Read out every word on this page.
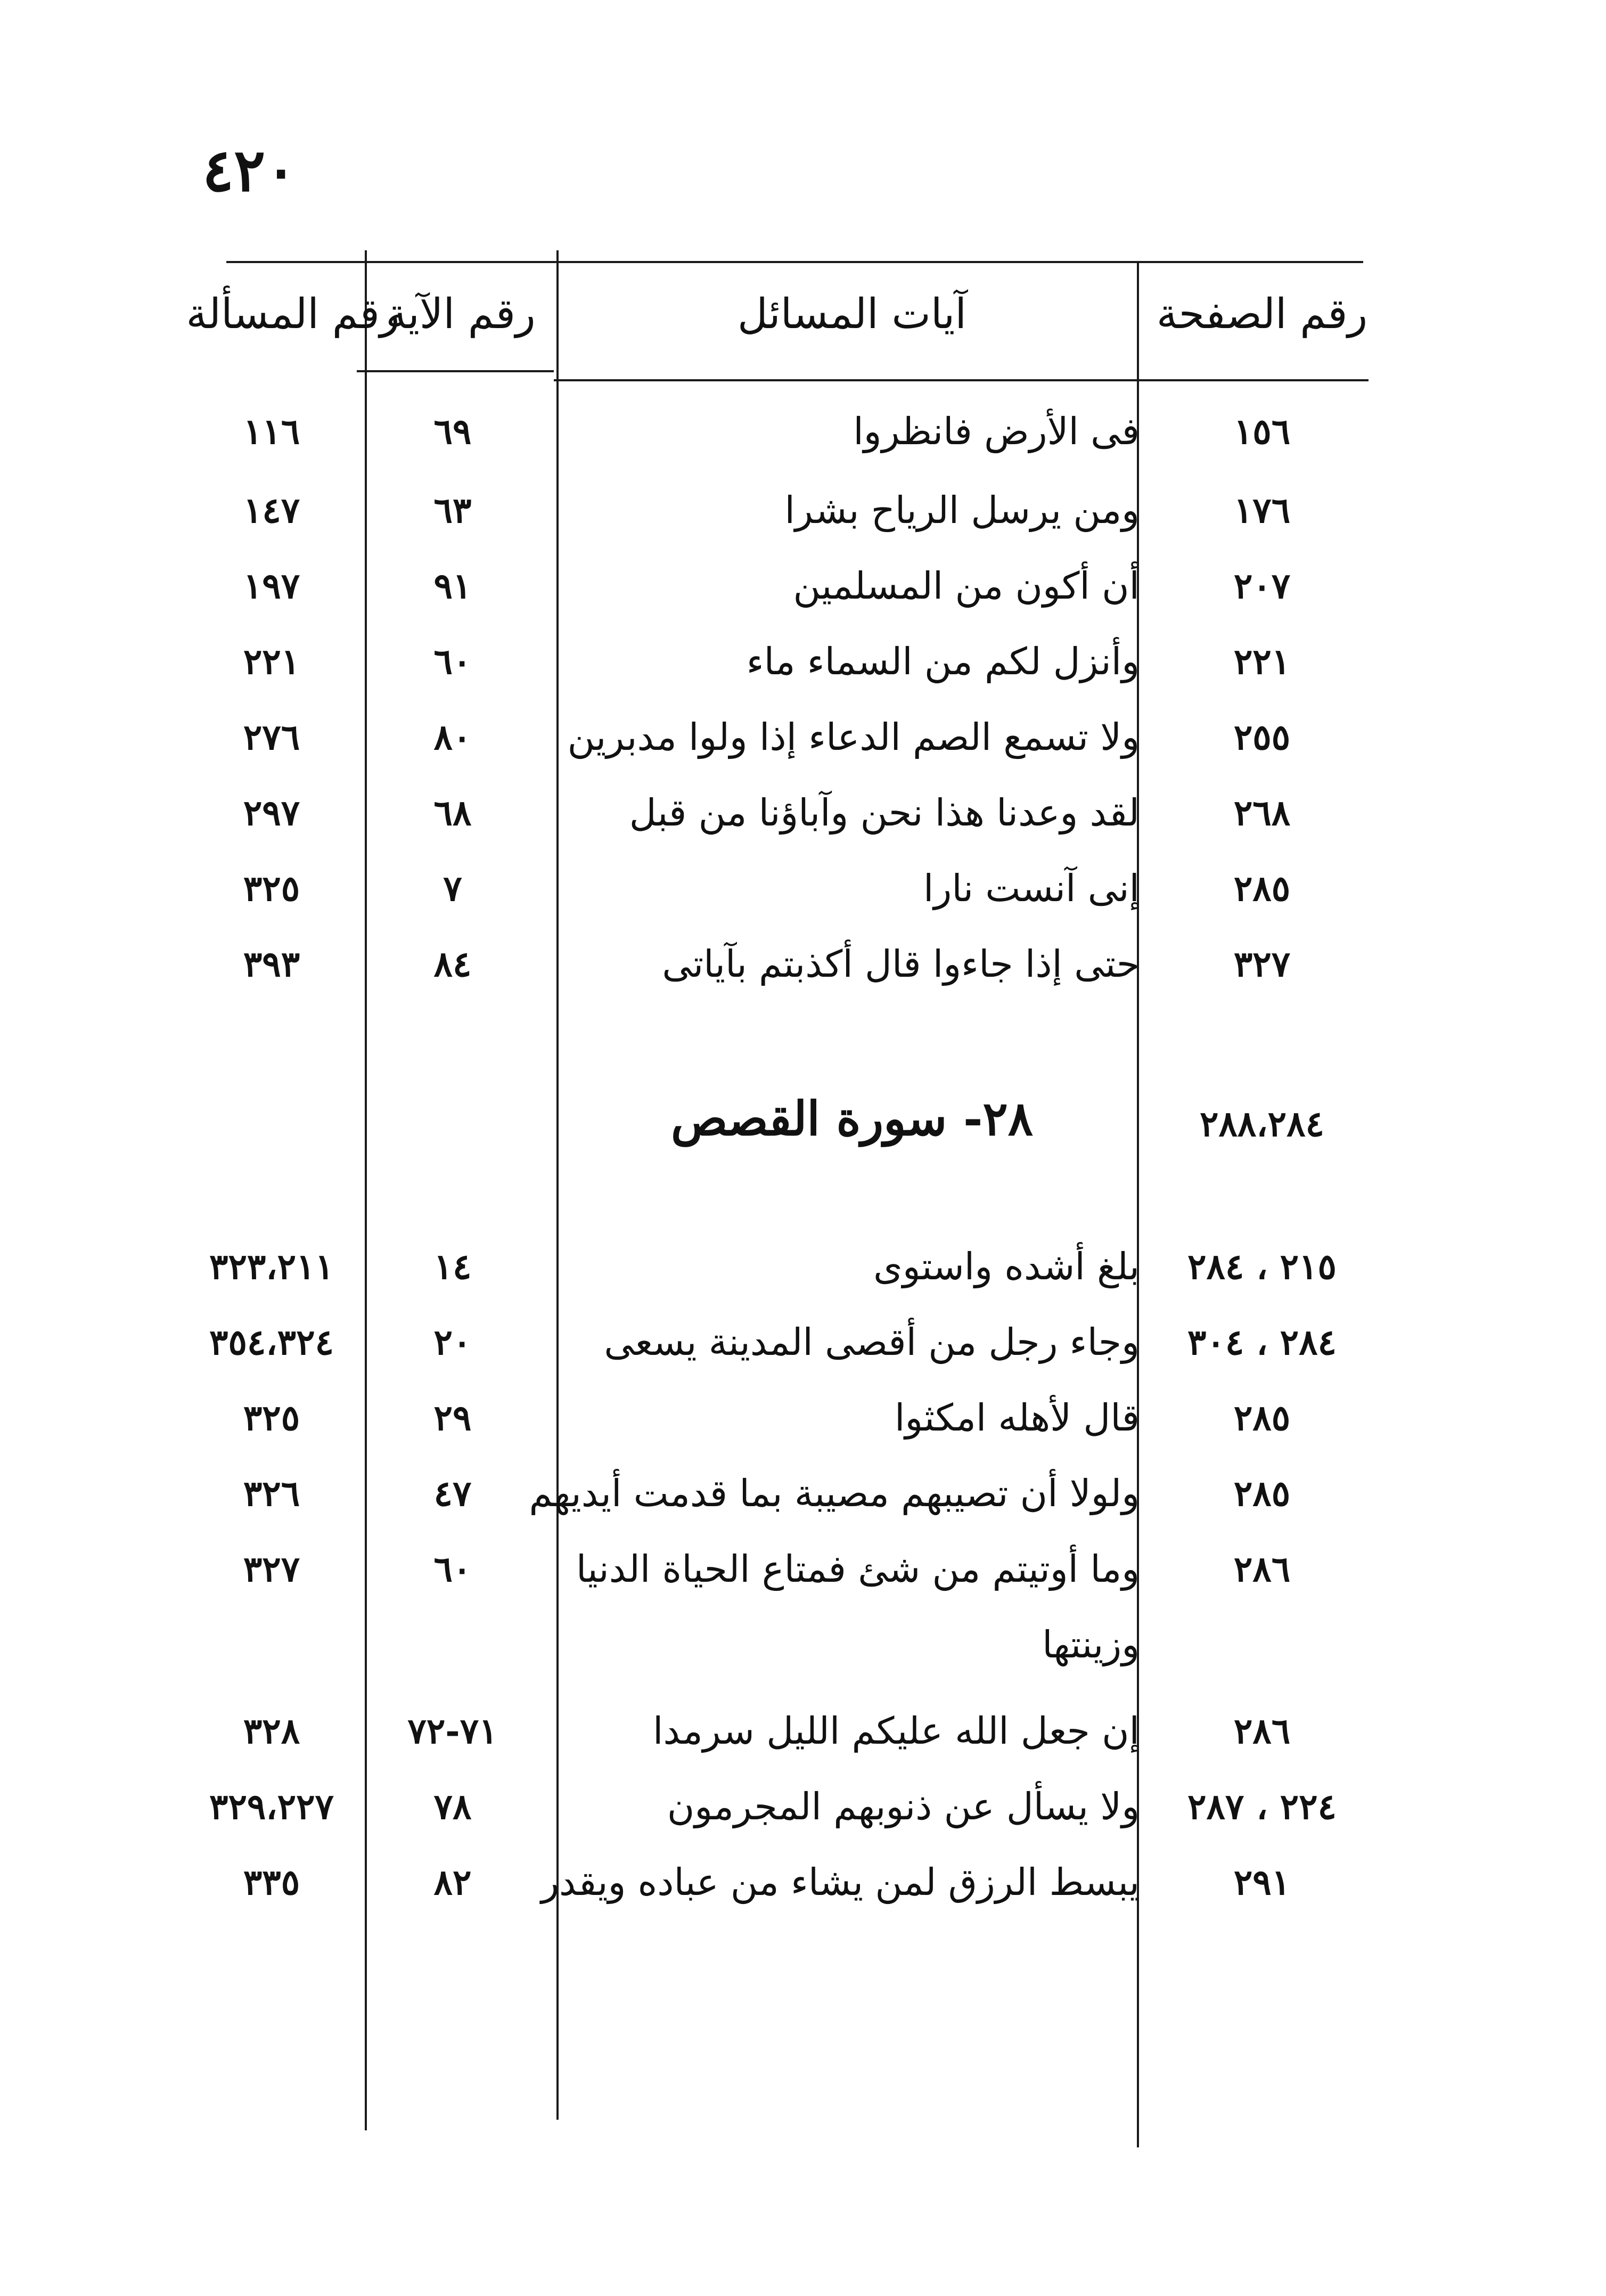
٤٢٠
رقم الصفحة
آيات المسائل
رقم الآية
رقم المسألة
١٥٦
فى الأرض فانظروا
٦٩
١١٦
١٧٦
ومن يرسل الرياح بشرا
٦٣
١٤٧
٢٠٧
أن أكون من المسلمين
٩١
١٩٧
٢٢١
وأنزل لكم من السماء ماء
٦٠
٢٢١
٢٥٥
ولا تسمع الصم الدعاء إذا ولوا مدبرين
٨٠
٢٧٦
٢٦٨
لقد وعدنا هذا نحن وآباؤنا من قبل
٦٨
٢٩٧
٢٨٥
إنى آنست نارا
٧
٣٢٥
٣٢٧
حتى إذا جاءوا قال أكذبتم بآياتى
٨٤
٣٩٣
٢٨- سورة القصص	٢٨٨،٢٨٤
٢١٥ ، ٢٨٤
بلغ أشده واستوى
١٤
٣٢٣،٢١١
٢٨٤ ، ٣٠٤
وجاء رجل من أقصى المدينة يسعى
٢٠
٣٥٤،٣٢٤
٢٨٥
قال لأهله امكثوا
٢٩
٣٢٥
٢٨٥
ولولا أن تصيبهم مصيبة بما قدمت أيديهم
٤٧
٣٢٦
٢٨٦
وما أوتيتم من شئ فمتاع الحياة الدنيا
٦٠
٣٢٧
وزينتها
٢٨٦
إن جعل الله عليكم الليل سرمدا
٧١-٧٢
٣٢٨
٢٢٤ ، ٢٨٧
ولا يسأل عن ذنوبهم المجرمون
٧٨
٣٢٩،٢٢٧
٢٩١
يبسط الرزق لمن يشاء من عباده ويقدر
٨٢
٣٣٥
